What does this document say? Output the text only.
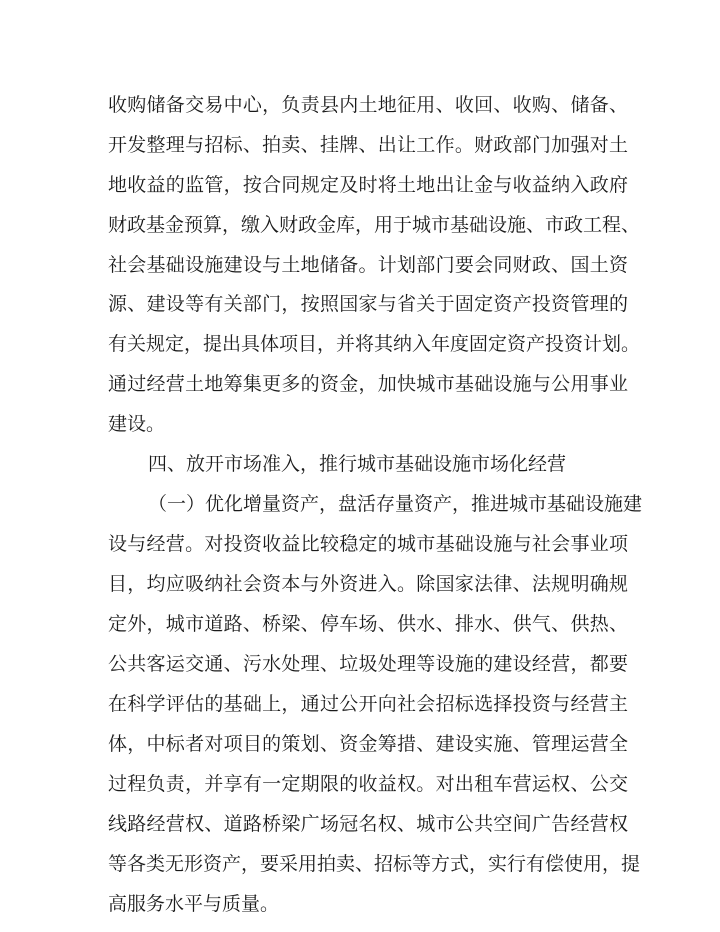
收购储备交易中心，负责县内土地征用、收回、收购、储备、
开发整理与招标、拍卖、挂牌、出让工作。财政部门加强对土
地收益的监管，按合同规定及时将土地出让金与收益纳入政府
财政基金预算，缴入财政金库，用于城市基础设施、市政工程、
社会基础设施建设与土地储备。计划部门要会同财政、国土资
源、建设等有关部门，按照国家与省关于固定资产投资管理的
有关规定，提出具体项目，并将其纳入年度固定资产投资计划。
通过经营土地筹集更多的资金，加快城市基础设施与公用事业
建设。
四、放开市场准入，推行城市基础设施市场化经营
（一）优化增量资产，盘活存量资产，推进城市基础设施建
设与经营。对投资收益比较稳定的城市基础设施与社会事业项
目，均应吸纳社会资本与外资进入。除国家法律、法规明确规
定外，城市道路、桥梁、停车场、供水、排水、供气、供热、
公共客运交通、污水处理、垃圾处理等设施的建设经营，都要
在科学评估的基础上，通过公开向社会招标选择投资与经营主
体，中标者对项目的策划、资金筹措、建设实施、管理运营全
过程负责，并享有一定期限的收益权。对出租车营运权、公交
线路经营权、道路桥梁广场冠名权、城市公共空间广告经营权
等各类无形资产，要采用拍卖、招标等方式，实行有偿使用，提
高服务水平与质量。
